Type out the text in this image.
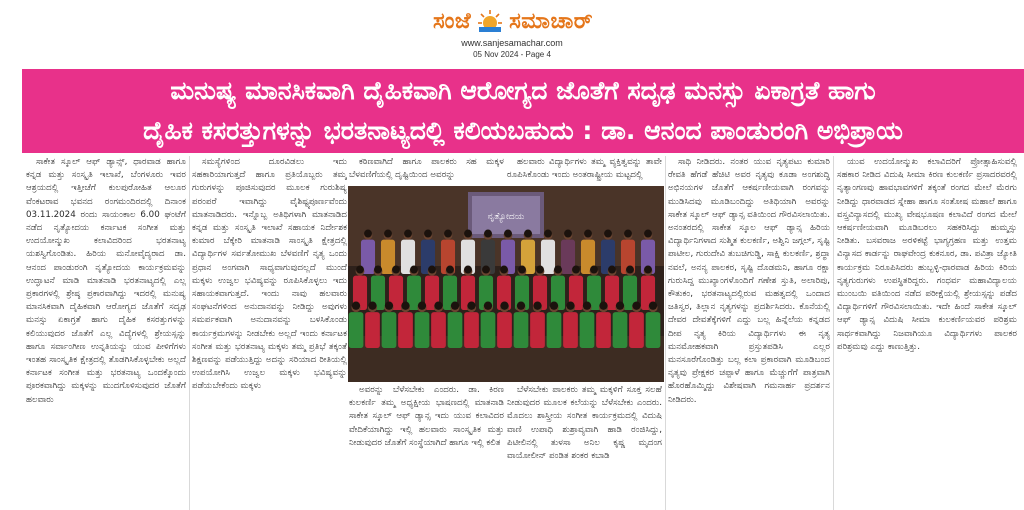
ಸಂಜೆ ಸಮಾಚಾರ್
www.sanjesamachar.com
05 Nov 2024 - Page 4
ಮನುಷ್ಯ ಮಾನಸಿಕವಾಗಿ ದೈಹಿಕವಾಗಿ ಆರೋಗ್ಯದ ಜೊತೆಗೆ ಸದೃಢ ಮನಸ್ಸು ಏಕಾಗ್ರತೆ ಹಾಗು
ದೈಹಿಕ ಕಸರತ್ತುಗಳನ್ನು ಭರತನಾಟ್ಯದಲ್ಲಿ ಕಲಿಯಬಹುದು : ಡಾ. ಆನಂದ ಪಾಂಡುರಂಗಿ ಅಭಿಪ್ರಾಯ

ಸಾಕೇತ ಸ್ಕೂಲ್ ಆಫ್ ಡ್ಯಾನ್ಸ್, ಧಾರವಾಡ ಹಾಗೂ ಕನ್ನಡ ಮತ್ತು ಸಂಸ್ಕೃತಿ ಇಲಾಖೆ, ಬೆಂಗಳೂರು ಇವರ ಆಶ್ರಯದಲ್ಲಿ ಇತ್ತೀಚೆಗೆ ಕುಲಪುರೋಹಿತ ಆಲೂರ ವೆಂಕಟರಾವ ಭವನದ ರಂಗಮಂದಿರದಲ್ಲಿ ದಿನಾಂಕ 03.11.2024 ರಂದು ಸಾಯಂಕಾಲ 6.00 ಘಂಟೆಗೆ ನಡೆದ ನೃತ್ಯೋದಯ ಕರ್ನಾಟಕ ಸಂಗೀತ ಮತ್ತು ಉದಯೋನ್ಮುಖ ಕಲಾವಿದರಿಂದ ಭರತನಾಟ್ಯ ಯಶಸ್ವಿಗೊಂಡಿತು. ಹಿರಿಯ ಮನೋವೈದ್ಯರಾದ ಡಾ. ಆನಂದ ಪಾಂಡುರಂಗಿ ನೃತ್ಯೋದಯ ಕಾರ್ಯಕ್ರಮವನ್ನು ಉದ್ಘಾಟನೆ ಮಾಡಿ ಮಾತನಾಡಿ ಭರತನಾಟ್ಯದಲ್ಲಿ ಎಲ್ಲ ಪ್ರಕಾರಗಳಲ್ಲಿ ಶ್ರೇಷ್ಠ ಪ್ರಕಾರವಾಗಿದ್ದು ಇದರಲ್ಲಿ ಮನುಷ್ಯ ಮಾನಸಿಕವಾಗಿ ದೈಹಿಕವಾಗಿ ಆರೋಗ್ಯದ ಜೊತೆಗೆ ಸದೃಢ ಮನಸ್ಸು ಏಕಾಗ್ರತೆ ಹಾಗು ದೈಹಿಕ ಕಸರತ್ತುಗಳನ್ನು ಕಲಿಯುವುದರ ಜೊತೆಗೆ ಎಲ್ಲ ವಿದ್ಯೆಗಳಲ್ಲಿ ಶ್ರೇಯಸ್ಸನ್ನು ಹಾಗೂ ಸರ್ವಾಂಗೀಣ ಉನ್ನತಿಯನ್ನು ಯುವ ಪೀಳಿಗೆಗಳು ಇಂತಹ ಸಾಂಸ್ಕೃತಿಕ ಕ್ಷೇತ್ರದಲ್ಲಿ ತೊಡಗಿಸಿಕೊಳ್ಳಬೇಕು ಅಲ್ಲದೆ ಕರ್ನಾಟಕ ಸಂಗೀತ ಮತ್ತು ಭರತನಾಟ್ಯ ಒಂದಕ್ಕೊಂದು ಪೂರಕವಾಗಿದ್ದು ಮಕ್ಕಳನ್ನು ಮುದಗೊಳಿಸುವುದರ ಜೊತೆಗೆ ಹಲವಾರು

ಸಮಸ್ಯೆಗಳಿಂದ ದೂರವಿಡಲು ಇದು ಸಹಕಾರಿಯಾಗುತ್ತದೆ ಹಾಗೂ ಪ್ರತಿಯೊಬ್ಬರು ತಮ್ಮ ಗುರುಗಳನ್ನು ಪೂಜಿಸುವುದರ ಮೂಲಕ ಗುರುಶಿಷ್ಯ ಪರಂಪರೆ ಇವಾಗಿದ್ದು ವೈಶಿಷ್ಟ್ಯಪೂರ್ಣವೆಂದು ಮಾತನಾಡಿದರು. ಇನ್ನೊಬ್ಬ ಅತಿಥಿಗಳಾಗಿ ಮಾತನಾಡಿದ ಕನ್ನಡ ಮತ್ತು ಸಂಸ್ಕೃತಿ ಇಲಾಖೆ ಸಹಾಯಕ ನಿರ್ದೇಶಕ ಕುಮಾರ ಬೆಕ್ಕೇರಿ ಮಾತನಾಡಿ ಸಾಂಸ್ಕೃತಿ ಕ್ಷೇತ್ರದಲ್ಲಿ ವಿದ್ಯಾರ್ಥಿಗಳ ಸರ್ವತೋಮುಖ ಬೆಳವಣಿಗೆ ನೃತ್ಯ ಒಂದು ಪ್ರಧಾನ ಅಂಗವಾಗಿ ಸಾಧ್ಯವಾಗುವುದಲ್ಲದೆ ಮುಂದೆ ಮಕ್ಕಳು ಉಜ್ವಲ ಭವಿಷ್ಯವನ್ನು ರೂಪಿಸಿಕೊಳ್ಳಲು ಇದು ಸಹಾಯಕವಾಗುತ್ತದೆ. ಇಂದು ನಾವು ಹಲವಾರು ಸಂಘಟನೆಗಳಿಂದ ಅನುದಾನವನ್ನು ನೀಡಿದ್ದು ಅವುಗಳು ಸಮರ್ಪಕವಾಗಿ ಅನುದಾನವನ್ನು ಬಳಸಿಕೊಂಡು ಕಾರ್ಯಕ್ರಮಗಳನ್ನು ನೀಡಬೇಕು ಅಲ್ಲದೆ ಇಂದು ಕರ್ನಾಟಕ ಸಂಗೀತ ಮತ್ತು ಭರತನಾಟ್ಯ ಮಕ್ಕಳು ತಮ್ಮ ಪ್ರತಿಭೆ ತಕ್ಕಂತೆ ಶಿಕ್ಷಣವನ್ನು ಪಡೆಯುತ್ತಿದ್ದು ಅದನ್ನು ಸರಿಯಾದ ರೀತಿಯಲ್ಲಿ ಉಪಯೋಗಿಸಿ ಉಜ್ವಲ ಮಕ್ಕಳು ಭವಿಷ್ಯವನ್ನು ಪಡೆಯಬೇಕೆಂದು ಮಕ್ಕಳು

ಕಠಿಣವಾಗಿದೆ ಹಾಗೂ ಪಾಲಕರು ಸಹ ಮಕ್ಕಳ ಬೆಳವಣಿಗೆಯಲ್ಲಿ ದೃಷ್ಟಿಯಿಂದ ಅವರನ್ನು

ಹಲವಾರು ವಿದ್ಯಾರ್ಥಿಗಳು ತಮ್ಮ ವ್ಯಕ್ತಿತ್ವವನ್ನು ತಾವೇ ರೂಪಿಸಿಕೊಂಡು ಇಂದು ಅಂತರಾಷ್ಟ್ರೀಯ ಮಟ್ಟದಲ್ಲಿ

ನೃತ್ಯೋದಯ

ಅವರನ್ನು ಬೆಳೆಸಬೇಕು ಎಂದರು. ಡಾ. ಕಿರಣ ಕುಲಕರ್ಣಿ ತಮ್ಮ ಅಧ್ಯಕ್ಷೀಯ ಭಾಷಣದಲ್ಲಿ ಮಾತನಾಡಿ ಸಾಕೇತ ಸ್ಕೂಲ್ ಆಫ್ ಡ್ಯಾನ್ಸ ಇದು ಯುವ ಕಲಾವಿದರ ವೇದಿಕೆಯಾಗಿದ್ದು ಇಲ್ಲಿ ಹಲವಾರು ಸಾಂಸ್ಕೃತಿಕ ಮತ್ತು ನೀಡುವುದರ ಜೊತೆಗೆ ಸಂಸ್ಥೆಯಾಗಿದೆ ಹಾಗೂ ಇಲ್ಲಿ ಕಲಿತ

ಬೆಳೆಸಬೇಕು ಪಾಲಕರು ತಮ್ಮ ಮಕ್ಕಳಿಗೆ ಸೂಕ್ತ ಸಲಹೆ ನೀಡುವುದರ ಮೂಲಕ ಕಲೆಯನ್ನು ಬೆಳೆಸಬೇಕು ಎಂದರು. ಮೊದಲು ಶಾಸ್ತ್ರೀಯ ಸಂಗೀತ ಕಾರ್ಯಕ್ರಮದಲ್ಲಿ ವಿದುಷಿ ವಾಣಿ ಉಪಾಧಿ ಶುಶ್ರಾವ್ಯವಾಗಿ ಹಾಡಿ ರಂಜಿಸಿದ್ದು, ಪಿಟೀಲಿನಲ್ಲಿ ತುಳಸಾ ಅನಿಲ ಕೃಷ್ಣ ಮೃದಂಗ ವಾಯೋಲೀನ್ ಪಂಡಿತ ಶಂಕರ ಕಬಾಡಿ

ಸಾಥಿ ನೀಡಿದರು. ನಂತರ ಯುವ ನೃತ್ಯಪಟು ಕುಮಾರಿ ರೇವತಿ ಹೆಗಡೆ ಹೆಚಿಟಿ ಅವರ ನೃತ್ಯವು ಕೂಡಾ ಅಂಗಶುದ್ಧಿ ಅಭಿನಯಗಳ ಜೊತೆಗೆ ಆಕರ್ಷಣೀಯವಾಗಿ ರಂಗವನ್ನು ಮುಡಿಸಿದವು ಮೂಡಿಬಂದಿದ್ದು ಅತಿಥಿಯಾಗಿ ಅವರನ್ನು ಸಾಕೇತ ಸ್ಕೂಲ್ ಆಫ್ ಡ್ಯಾನ್ಸ ವತಿಯಿಂದ ಗೌರವಿಸಲಾಯಿತು. ಅನಂತರದಲ್ಲಿ ಸಾಕೇತ ಸ್ಕೂಲ ಆಫ್ ಡ್ಯಾನ್ಸ ಹಿರಿಯ ವಿದ್ಯಾರ್ಥಿನಿಗಳಾದ ಸುಶ್ಮಿತ ಕುಲಕರ್ಣಿ, ಅಶ್ವಿನಿ ಜಗ್ಗಲ್, ಸೃಷ್ಟಿ ಪಾಟೀಲ, ಗುರುದೇವಿ ತುಬಚಿಗುಡ್ಡಿ, ಸಾಕ್ಷಿ ಕುಲಕರ್ಣಿ, ಶ್ರದ್ಧಾ ನವಲೆ, ಅನನ್ಯ ಪಾಲಕರ, ಸೃಷ್ಟಿ ದೊಡಮನಿ, ಹಾಗೂ ರಕ್ಷಾ ಗುರುಸಿದ್ದ ಮುಖ್ಯಾಂಗಳೊಂದಿಗೆ ಗಣೇಶ ಸ್ತುತಿ, ಅಲಾರಿಪು, ಕೌತುಕಂ, ಭರತನಾಟ್ಯದಲ್ಲಿರುವ ಮಹತ್ವದಲ್ಲಿ ಒಂದಾದ ಜತಿಸ್ವರ, ತಿಲ್ಲಾನ ನೃತ್ಯಗಳನ್ನು ಪ್ರದರ್ಶಿಸಿದರು. ಕೊನೆಯಲ್ಲಿ ದೇವರ ದೇವತೆಕ್ಕೆಗಳಿಗೆ ಎದ್ದು ಬಲ್ಲ ಹಿನ್ನೆಲೆಯ ಕನ್ನಡದ ದೀಪ ನೃತ್ಯ ಕಿರಿಯ ವಿದ್ಯಾರ್ಥಿಗಳು ಈ ನೃತ್ಯ ಮನಮೋಹಕವಾಗಿ ಪ್ರಸ್ತುತಪಡಿಸಿ ಎಲ್ಲರ ಮನಸೂರೆಗೊಂಡಿತ್ತು ಬಲ್ಲ ಕಲಾ ಪ್ರಕಾರವಾಗಿ ಮೂಡಿಬಂದ ನೃತ್ಯವು ಪ್ರೇಕ್ಷಕರ ಚಪ್ಪಾಳೆ ಹಾಗೂ ಮೆಚ್ಚುಗೆಗೆ ಪಾತ್ರವಾಗಿ ಹೊರಹೊಮ್ಮಿದ್ದು ವಿಶೇಷವಾಗಿ ಗಮನಾರ್ಹ ಪ್ರದರ್ಶನ ನೀಡಿದರು.

ಯುವ ಉದಯೋನ್ಮುಖ ಕಲಾವಿದರಿಗೆ ಪ್ರೋತ್ಸಾಹಿಸುವಲ್ಲಿ ಸಹಕಾರ ನೀಡಿದ ವಿದುಷಿ ಸೀಮಾ ಕಿರಣ ಕುಲಕರ್ಣಿ ಪ್ರಸಾದರವರಲ್ಲಿ ನೃತ್ಯಾಂಗಣವು ಹಾವಭಾವಗಳಿಗೆ ತಕ್ಕಂತೆ ರಂಗದ ಮೇಲೆ ಮೆರಗು ನೀಡಿದ್ದು ಧಾರವಾಡದ ಸ್ನೇಹಾ ಹಾಗೂ ಸಂತೋಷ ಮಹಾಲೆ ಹಾಗೂ ವಸ್ತ್ರವಿನ್ಯಾಸದಲ್ಲಿ ಮುಖ್ಯ ವೇಷಭೂಷಣ ಕಲಾವಿದೆ ರಂಗದ ಮೇಲೆ ಆಕರ್ಷಣೀಯವಾಗಿ ಮೂಡಿಬರಲು ಸಹಕರಿಸಿದ್ದು ಹುಮ್ಮಸ್ಸು ನೀಡಿತು. ಬಸವರಾಜ ಅರಳಿಕಟ್ಟೆ ಭಾಗ್ಯಗ್ರಹಣ ಮತ್ತು ಉತ್ತಮ ವಿನ್ಯಾಸದ ಕಾರ್ಡನ್ನು ರಾಘವೇಂದ್ರ ಕುಕನೂರ, ಡಾ. ಪವಿತ್ರಾ ಜ್ಯೋತಿ ಕಾರ್ಯಕ್ರಮ ನಿರೂಪಿಸಿದರು ಹುಬ್ಬಳ್ಳಿ-ಧಾರವಾಡ ಹಿರಿಯ ಕಿರಿಯ ನೃತ್ಯಗುರುಗಳು ಉಪಸ್ಥಿತರಿದ್ದರು. ಗಂಧರ್ವ ಮಹಾವಿದ್ಯಾಲಯ ಮುಂಬಯಿ ವತಿಯಿಂದ ನಡೆದ ಪರೀಕ್ಷೆಯಲ್ಲಿ ಶ್ರೇಯಸ್ಸನ್ನು ಪಡೆದ ವಿದ್ಯಾರ್ಥಿಗಳಿಗೆ ಗೌರವಿಸಲಾಯಿತು. ಇದೇ ಹಿಂದೆ ಸಾಕೇತ ಸ್ಕೂಲ್ ಆಫ್ ಡ್ಯಾನ್ಸ ವಿದುಷಿ ಸೀಮಾ ಕುಲಕರ್ಣಿಯವರ ಪರಿಶ್ರಮ ಸಾರ್ಥಕವಾಗಿದ್ದು ನಿಜವಾಗಿಯೂ ವಿದ್ಯಾರ್ಥಿಗಳು ಪಾಲಕರ ಪರಿಶ್ರಮವು ಎದ್ದು ಕಾಣುತ್ತಿತ್ತು.
